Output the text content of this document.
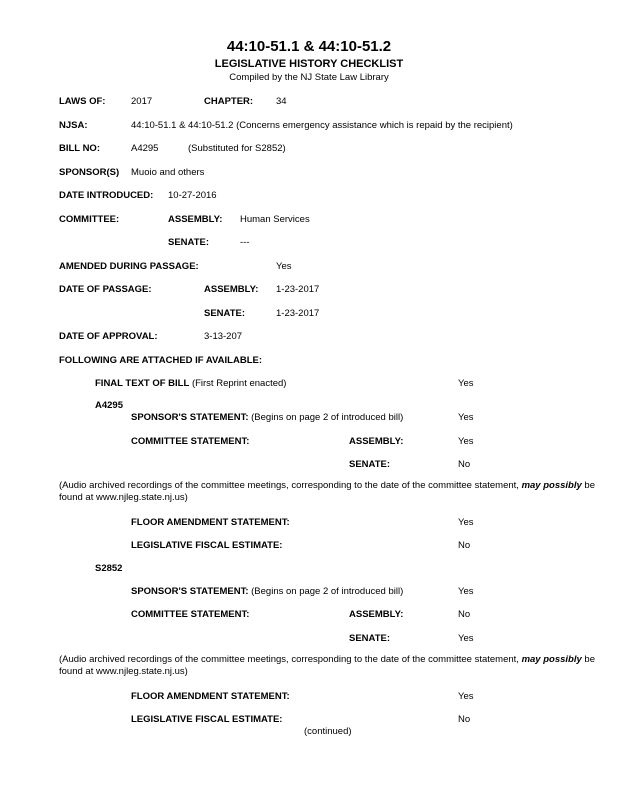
44:10-51.1 & 44:10-51.2
LEGISLATIVE HISTORY CHECKLIST
Compiled by the NJ State Law Library
LAWS OF:	2017	CHAPTER: 34
NJSA:	44:10-51.1 & 44:10-51.2 (Concerns emergency assistance which is repaid by the recipient)
BILL NO:	A4295	(Substituted for S2852)
SPONSOR(S) Muoio and others
DATE INTRODUCED: 10-27-2016
COMMITTEE:	ASSEMBLY: Human Services
SENATE:	---
AMENDED DURING PASSAGE:	Yes
DATE OF PASSAGE:	ASSEMBLY: 1-23-2017
SENATE:	1-23-2017
DATE OF APPROVAL:	3-13-207
FOLLOWING ARE ATTACHED IF AVAILABLE:
FINAL TEXT OF BILL (First Reprint enacted)	Yes
A4295
SPONSOR'S STATEMENT: (Begins on page 2 of introduced bill)	Yes
COMMITTEE STATEMENT:	ASSEMBLY:	Yes
SENATE:	No
(Audio archived recordings of the committee meetings, corresponding to the date of the committee statement, may possibly be found at www.njleg.state.nj.us)
FLOOR AMENDMENT STATEMENT:	Yes
LEGISLATIVE FISCAL ESTIMATE:	No
S2852
SPONSOR'S STATEMENT: (Begins on page 2 of introduced bill)	Yes
COMMITTEE STATEMENT:	ASSEMBLY:	No
SENATE:	Yes
(Audio archived recordings of the committee meetings, corresponding to the date of the committee statement, may possibly be found at www.njleg.state.nj.us)
FLOOR AMENDMENT STATEMENT:	Yes
LEGISLATIVE FISCAL ESTIMATE:	No
(continued)
